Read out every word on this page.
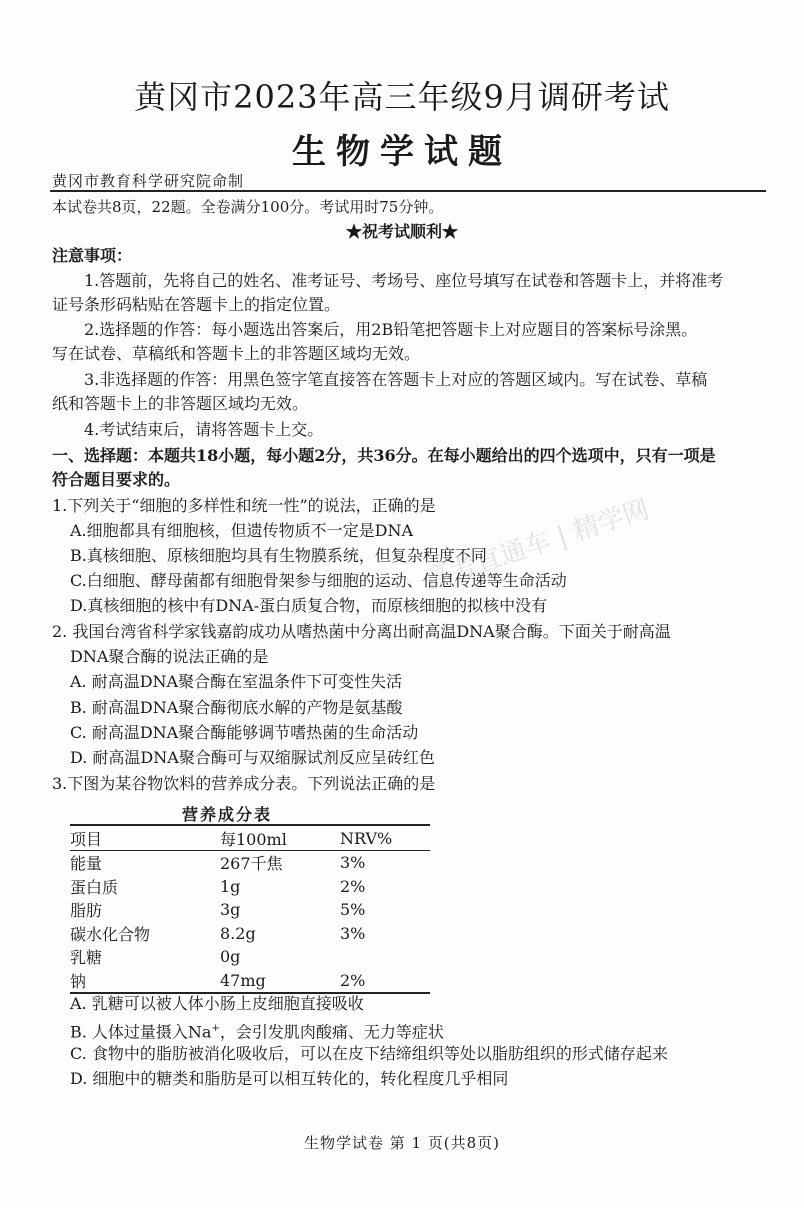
黄冈市2023年高三年级9月调研考试
生物学试题
黄冈市教育科学研究院命制
本试卷共8页，22题。全卷满分100分。考试用时75分钟。
★祝考试顺利★
高考直通车 | 精学网
注意事项：
1.答题前，先将自己的姓名、准考证号、考场号、座位号填写在试卷和答题卡上，并将准考
证号条形码粘贴在答题卡上的指定位置。
2.选择题的作答：每小题选出答案后，用2B铅笔把答题卡上对应题目的答案标号涂黑。
写在试卷、草稿纸和答题卡上的非答题区域均无效。
3.非选择题的作答：用黑色签字笔直接答在答题卡上对应的答题区域内。写在试卷、草稿
纸和答题卡上的非答题区域均无效。
4.考试结束后，请将答题卡上交。
一、选择题：本题共18小题，每小题2分，共36分。在每小题给出的四个选项中，只有一项是
符合题目要求的。
1.下列关于“细胞的多样性和统一性”的说法，正确的是
A.细胞都具有细胞核，但遗传物质不一定是DNA
B.真核细胞、原核细胞均具有生物膜系统，但复杂程度不同
C.白细胞、酵母菌都有细胞骨架参与细胞的运动、信息传递等生命活动
D.真核细胞的核中有DNA-蛋白质复合物，而原核细胞的拟核中没有
2. 我国台湾省科学家钱嘉韵成功从嗜热菌中分离出耐高温DNA聚合酶。下面关于耐高温
DNA聚合酶的说法正确的是
A. 耐高温DNA聚合酶在室温条件下可变性失活
B. 耐高温DNA聚合酶彻底水解的产物是氨基酸
C. 耐高温DNA聚合酶能够调节嗜热菌的生命活动
D. 耐高温DNA聚合酶可与双缩脲试剂反应呈砖红色
3.下图为某谷物饮料的营养成分表。下列说法正确的是
营养成分表
项目	每100ml	NRV%
能量	267千焦	3%
蛋白质	1g	2%
脂肪	3g	5%
碳水化合物	8.2g	3%
乳糖	0g	
钠	47mg	2%
A. 乳糖可以被人体小肠上皮细胞直接吸收
B. 人体过量摄入Na+，会引发肌肉酸痛、无力等症状
C. 食物中的脂肪被消化吸收后，可以在皮下结缔组织等处以脂肪组织的形式储存起来
D. 细胞中的糖类和脂肪是可以相互转化的，转化程度几乎相同
生物学试卷 第 1 页(共8页)
